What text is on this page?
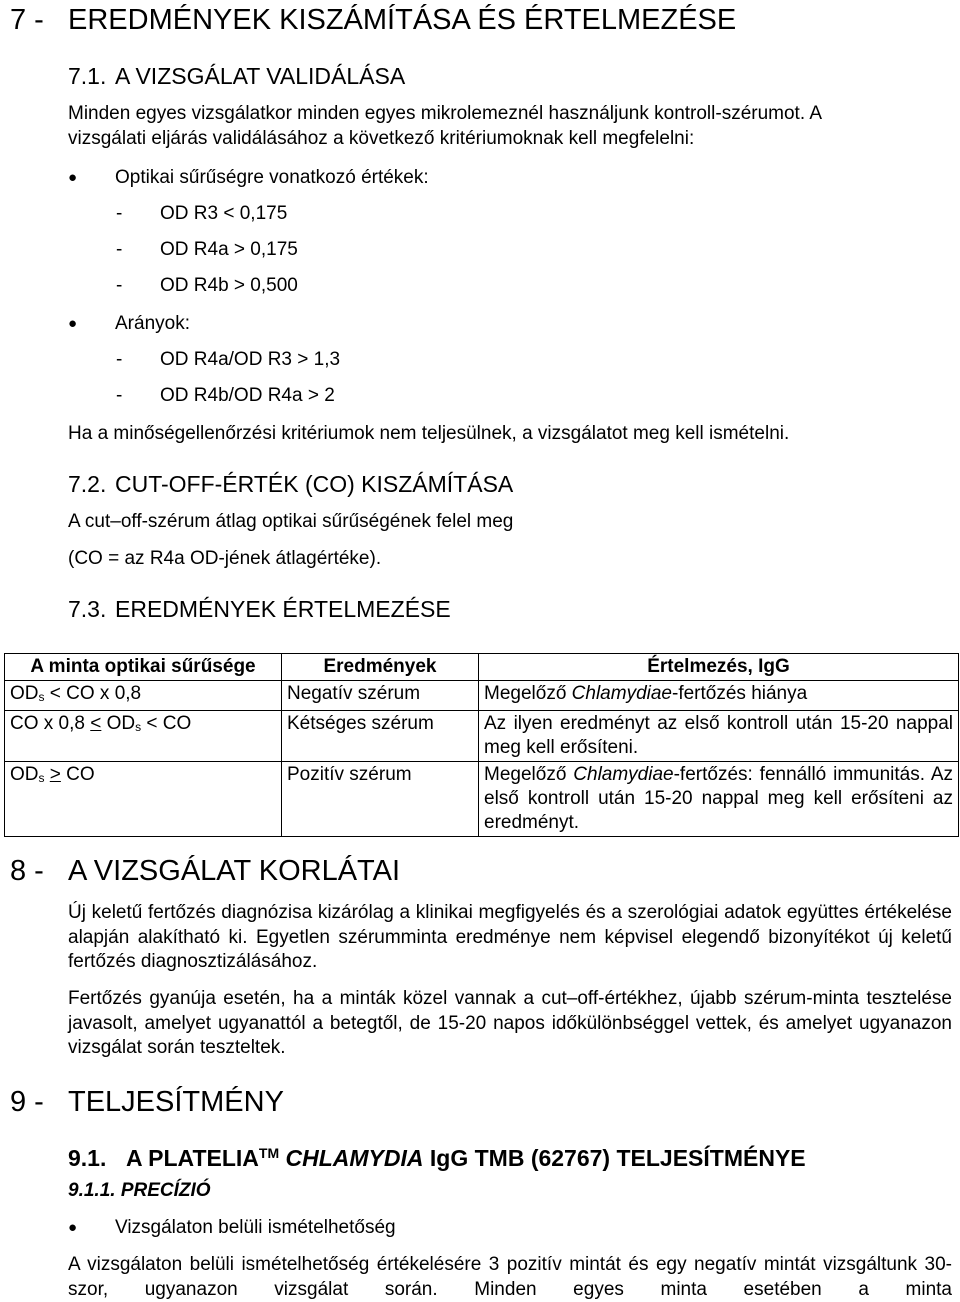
7 - EREDMÉNYEK KISZÁMÍTÁSA ÉS ÉRTELMEZÉSE
7.1. A VIZSGÁLAT VALIDÁLÁSA
Minden egyes vizsgálatkor minden egyes mikrolemeznél használjunk kontroll-szérumot. A
vizsgálati eljárás validálásához a következő kritériumoknak kell megfelelni:
● Optikai sűrűségre vonatkozó értékek:
- OD R3 < 0,175
- OD R4a > 0,175
- OD R4b > 0,500
● Arányok:
- OD R4a/OD R3 > 1,3
- OD R4b/OD R4a > 2
Ha a minőségellenőrzési kritériumok nem teljesülnek, a vizsgálatot meg kell ismételni.
7.2. CUT-OFF-ÉRTÉK (CO) KISZÁMÍTÁSA
A cut–off-szérum átlag optikai sűrűségének felel meg
(CO = az R4a OD-jének átlagértéke).
7.3. EREDMÉNYEK ÉRTELMEZÉSE
A minta optikai sűrűsége	Eredmények	Értelmezés, IgG
ODs < CO x 0,8	Negatív szérum	Megelőző Chlamydiae-fertőzés hiánya
CO x 0,8 < ODs < CO	Kétséges szérum	Az ilyen eredményt az első kontroll után 15-20 nappal meg kell erősíteni.
ODs > CO	Pozitív szérum	Megelőző Chlamydiae-fertőzés: fennálló immunitás. Az első kontroll után 15-20 nappal meg kell erősíteni az eredményt.
8 - A VIZSGÁLAT KORLÁTAI
Új keletű fertőzés diagnózisa kizárólag a klinikai megfigyelés és a szerológiai adatok együttes értékelése alapján alakítható ki. Egyetlen szérumminta eredménye nem képvisel elegendő bizonyítékot új keletű fertőzés diagnosztizálásához.
Fertőzés gyanúja esetén, ha a minták közel vannak a cut–off-értékhez, újabb szérum-minta tesztelése javasolt, amelyet ugyanattól a betegtől, de 15-20 napos időkülönbséggel vettek, és amelyet ugyanazon vizsgálat során teszteltek.
9 - TELJESÍTMÉNY
9.1. A PLATELIA™ CHLAMYDIA IgG TMB (62767) TELJESÍTMÉNYE
9.1.1. PRECÍZIÓ
● Vizsgálaton belüli ismételhetőség
A vizsgálaton belüli ismételhetőség értékelésére 3 pozitív mintát és egy negatív mintát vizsgáltunk 30-szor, ugyanazon vizsgálat során. Minden egyes minta esetében a minta
